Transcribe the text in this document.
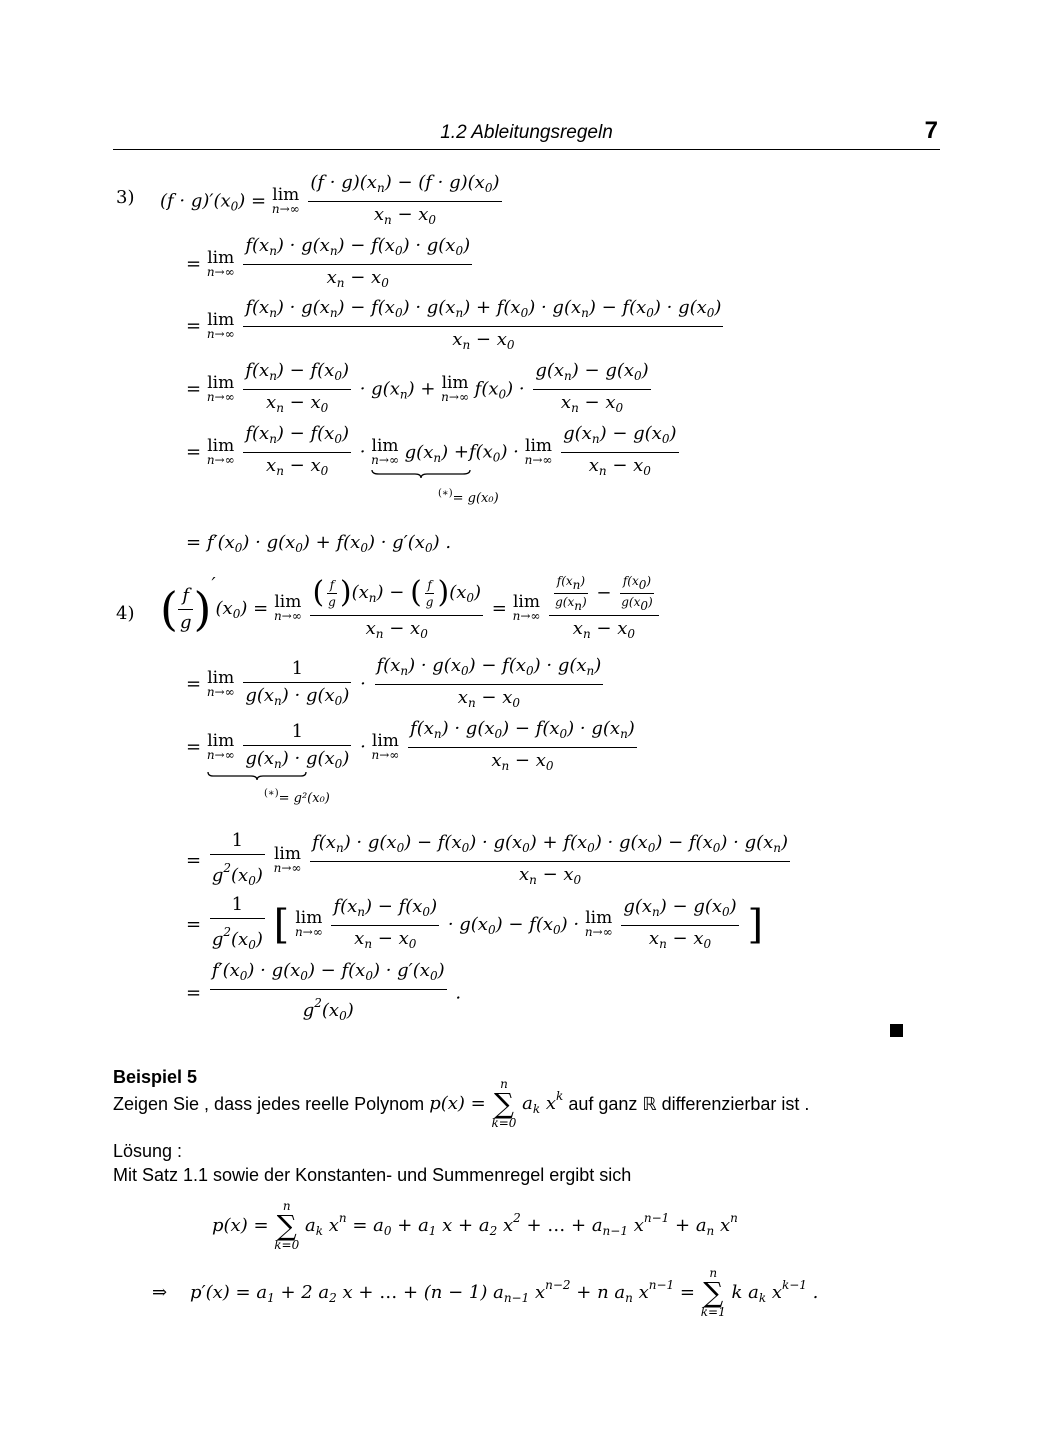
1.2 Ableitungsregeln	7
3) $(f \cdot g)'(x_0) = \lim$
n→∞
$\frac{(f \cdot g)(x_n) - (f \cdot g)(x_0)}{x_n - x_0}$
= lim
n→∞
$\frac{f(x_n) \cdot g(x_n) - f(x_0) \cdot g(x_0)}{x_n - x_0}$
= lim
n→∞

$f(x_n) \cdot g(x_n) - f(x_0) \cdot g(x_n) + f(x_0) \cdot g(x_n) - f(x_0) \cdot g(x_0)$
$x_n - x_0$
= lim
n→∞
$\frac{f(x_n) - f(x_0)}{x_n - x_0} \cdot g(x_n) + \lim$
n→∞ $f(x_0) \cdot \frac{g(x_n) - g(x_0)}{x_n - x_0}$
= lim
n→∞
$\frac{f(x_n) - f(x_0)}{x_n - x_0} \cdot \lim$
n→∞ $g(x_n) +f(x_0) \cdot \lim$
n→∞
$\frac{g(x_n) - g(x_0)}{x_n - x_0}$
(∗)= g(x₀)
= $f'(x_0) \cdot g(x_0) + f(x_0) \cdot g'(x_0)$ .
4) ( $\frac{f}{g} )'(x_0) = \lim$
n→∞
$\frac{( \frac{f}{g} )(x_n) - ( \frac{f}{g} )(x_0)}{x_n - x_0} = \lim$
n→∞
$\frac{\frac{f(xn)}{g(xn)} - \frac{f(x0)}{g(x0)}}{x_n - x_0}$
= lim
n→∞
$\frac{1}{g(x_n) \cdot g(x_0)} \cdot \frac{f(x_n) \cdot g(x_0) - f(x_0) \cdot g(x_n)}{x_n - x_0}$
= lim
n→∞
$\frac{1}{g(x_n) \cdot g(x_0)} \cdot \lim$
n→∞
$\frac{f(x_n) \cdot g(x_0) - f(x_0) \cdot g(x_n)}{x_n - x_0}$
(∗)= g²(x₀)
= $\frac{1}{g^2(x_0)}$
lim
n→∞

$f(x_n) \cdot g(x_0) - f(x_0) \cdot g(x_0) + f(x_0) \cdot g(x_0) - f(x_0) \cdot g(x_n)$
$x_n - x_0$
= $\frac{1}{g^2(x_0)}$ [ lim
n→∞
$\frac{f(x_n) - f(x_0)}{x_n - x_0} \cdot g(x_0) - f(x_0) \cdot \lim$
n→∞
$\frac{g(x_n) - g(x_0)}{x_n - x_0}$ ]
= $\frac{f'(x_0) \cdot g(x_0) - f(x_0) \cdot g'(x_0)}{g^2(x_0)}$ .
Beispiel 5
Zeigen Sie , dass jedes reelle Polynom p(x) = n
∑
k=0 $a_k$ $x^k$ auf ganz ℝ differenzierbar ist .
Lösung :
Mit Satz 1.1 sowie der Konstanten- und Summenregel ergibt sich
p(x) = n
∑
k=0 $a_k$ $x^n = a_0 + a_1$ $x + a_2$ $x^2$ + … + $a_{n-1}$ $x^{n-1} + a_n$ $x^n$
⇒    $p'(x) = a_1 + 2$ $a_2$ x + … + (n − 1) $a_{n-1}$ $x^{n-2} + n$ $a_n$ $x^{n-1} = n$
∑
k=1 k $a_k$ $x^{k-1}$ .
